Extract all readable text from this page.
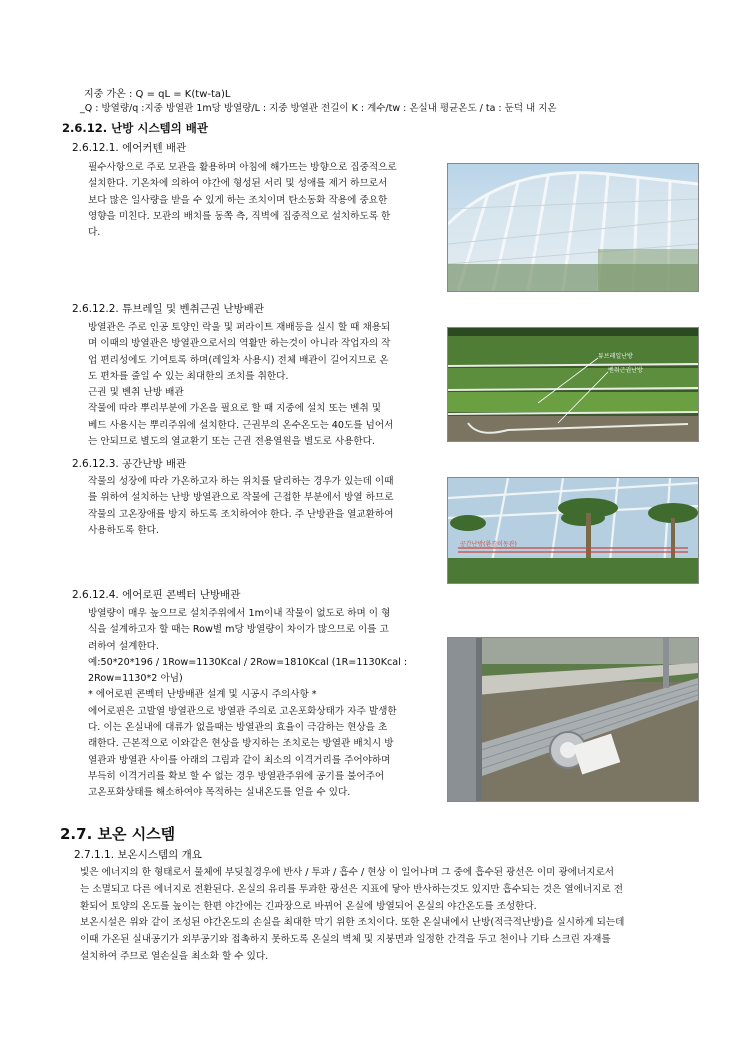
지중 가온 : Q = qL = K(tw-ta)L
_Q : 방열량/q :지중 방열관 1m당 방열량/L : 지중 방열관 전길이 K : 계수/tw : 온실내 평균온도 / ta : 둔덕 내 지온
2.6.12. 난방 시스템의 배관
2.6.12.1. 에어커텐 배관

필수사항으로 주로 모관을 활용하며 아침에 해가뜨는 방향으로 집중적으로

설치한다. 기온차에 의하여 야간에 형성된 서리 및 성애를 제거 하므로서

보다 많은 일사량을 받을 수 있게 하는 조치이며 탄소동화 작용에 중요한

영향을 미친다. 모관의 배치를 동쪽 측, 직벽에 집중적으로 설치하도록 한

다.

2.6.12.2. 튜브레일 및 벤취근권 난방배관

방열관은 주로 인공 토양인 락울 및 퍼라이트 재배등을 실시 할 때 채용되

며 이때의 방열관은 방열관으로서의 역활만 하는것이 아니라 작업자의 작

업 편리성에도 기여토록 하며(레일차 사용시) 전체 배관이 길어지므로 온

도 편차를 줄일 수 있는 최대한의 조치를 취한다.

근권 및 벤취 난방 배관

작물에 따라 뿌리부분에 가온을 필요로 할 때 지중에 설치 또는 벤취 및

베드 사용시는 뿌리주위에 설치한다. 근권부의 온수온도는 40도를 넘어서

는 안되므로 별도의 열교환기 또는 근권 전용열원을 별도로 사용한다.

튜브레일난방
벤취근권난방
2.6.12.3. 공간난방 배관

작물의 성장에 따라 가온하고자 하는 위치를 달리하는 경우가 있는데 이때

를 위하여 설치하는 난방 방열관으로 작물에 근접한 부분에서 방열 하므로

작물의 고온장애를 방지 하도록 조치하여야 한다. 주 난방관을 열교환하여

사용하도록 한다.

공간난방(환경이동관)
2.6.12.4. 에어로핀 콘벡터 난방배관

방열량이 매우 높으므로 설치주위에서 1m이내 작물이 없도로 하며 이 형

식을 설계하고자 할 때는 Row별 m당 방열량이 차이가 많으므로 이를 고

려하여 설계한다.

예:50*20*196 / 1Row=1130Kcal / 2Row=1810Kcal (1R=1130Kcal :

2Row=1130*2 아님)

* 에어로핀 콘벡터 난방배관 설계 및 시공시 주의사항 *

에어로핀은 고발열 방열관으로 방열관 주의로 고온포화상태가 자주 발생한

다. 이는 온실내에 대류가 없을때는 방열관의 효율이 극감하는 현상을 초

래한다. 근본적으로 이와같은 현상을 방지하는 조치로는 방열관 배치시 방

열관과 방열관 사이를 아래의 그림과 같이 최소의 이격거리를 주어야하며

부득히 이격거리를 확보 할 수 없는 경우 방열관주위에 공기를 불어주어

고온포화상태를 해소하여야 목적하는 실내온도를 얻을 수 있다.

2.7. 보온 시스템
2.7.1.1. 보온시스템의 개요

빛은 에너지의 한 형태로서 물체에 부딪칠경우에 반사 / 투과 / 흡수 / 현상 이 일어나며 그 중에 흡수된 광선은 이미 광에너지로서

는 소멸되고 다른 에너지로 전환된다. 온실의 유리를 투과한 광선은 지표에 닿아 반사하는것도 있지만 흡수되는 것은 열에너지로 전

환되어 토양의 온도를 높이는 한편 야간에는 긴파장으로 바뀌어 온실에 방열되어 온실의 야간온도를 조성한다.

보온시설은 위와 같이 조성된 야간온도의 손실을 최대한 막기 위한 조치이다. 또한 온실내에서 난방(적극적난방)을 실시하게 되는데

이때 가온된 실내공기가 외부공기와 접촉하지 못하도록 온실의 벽체 및 지붕면과 일정한 간격을 두고 천이나 기타 스크린 자재를

설치하여 주므로 열손실을 최소화 할 수 있다.
